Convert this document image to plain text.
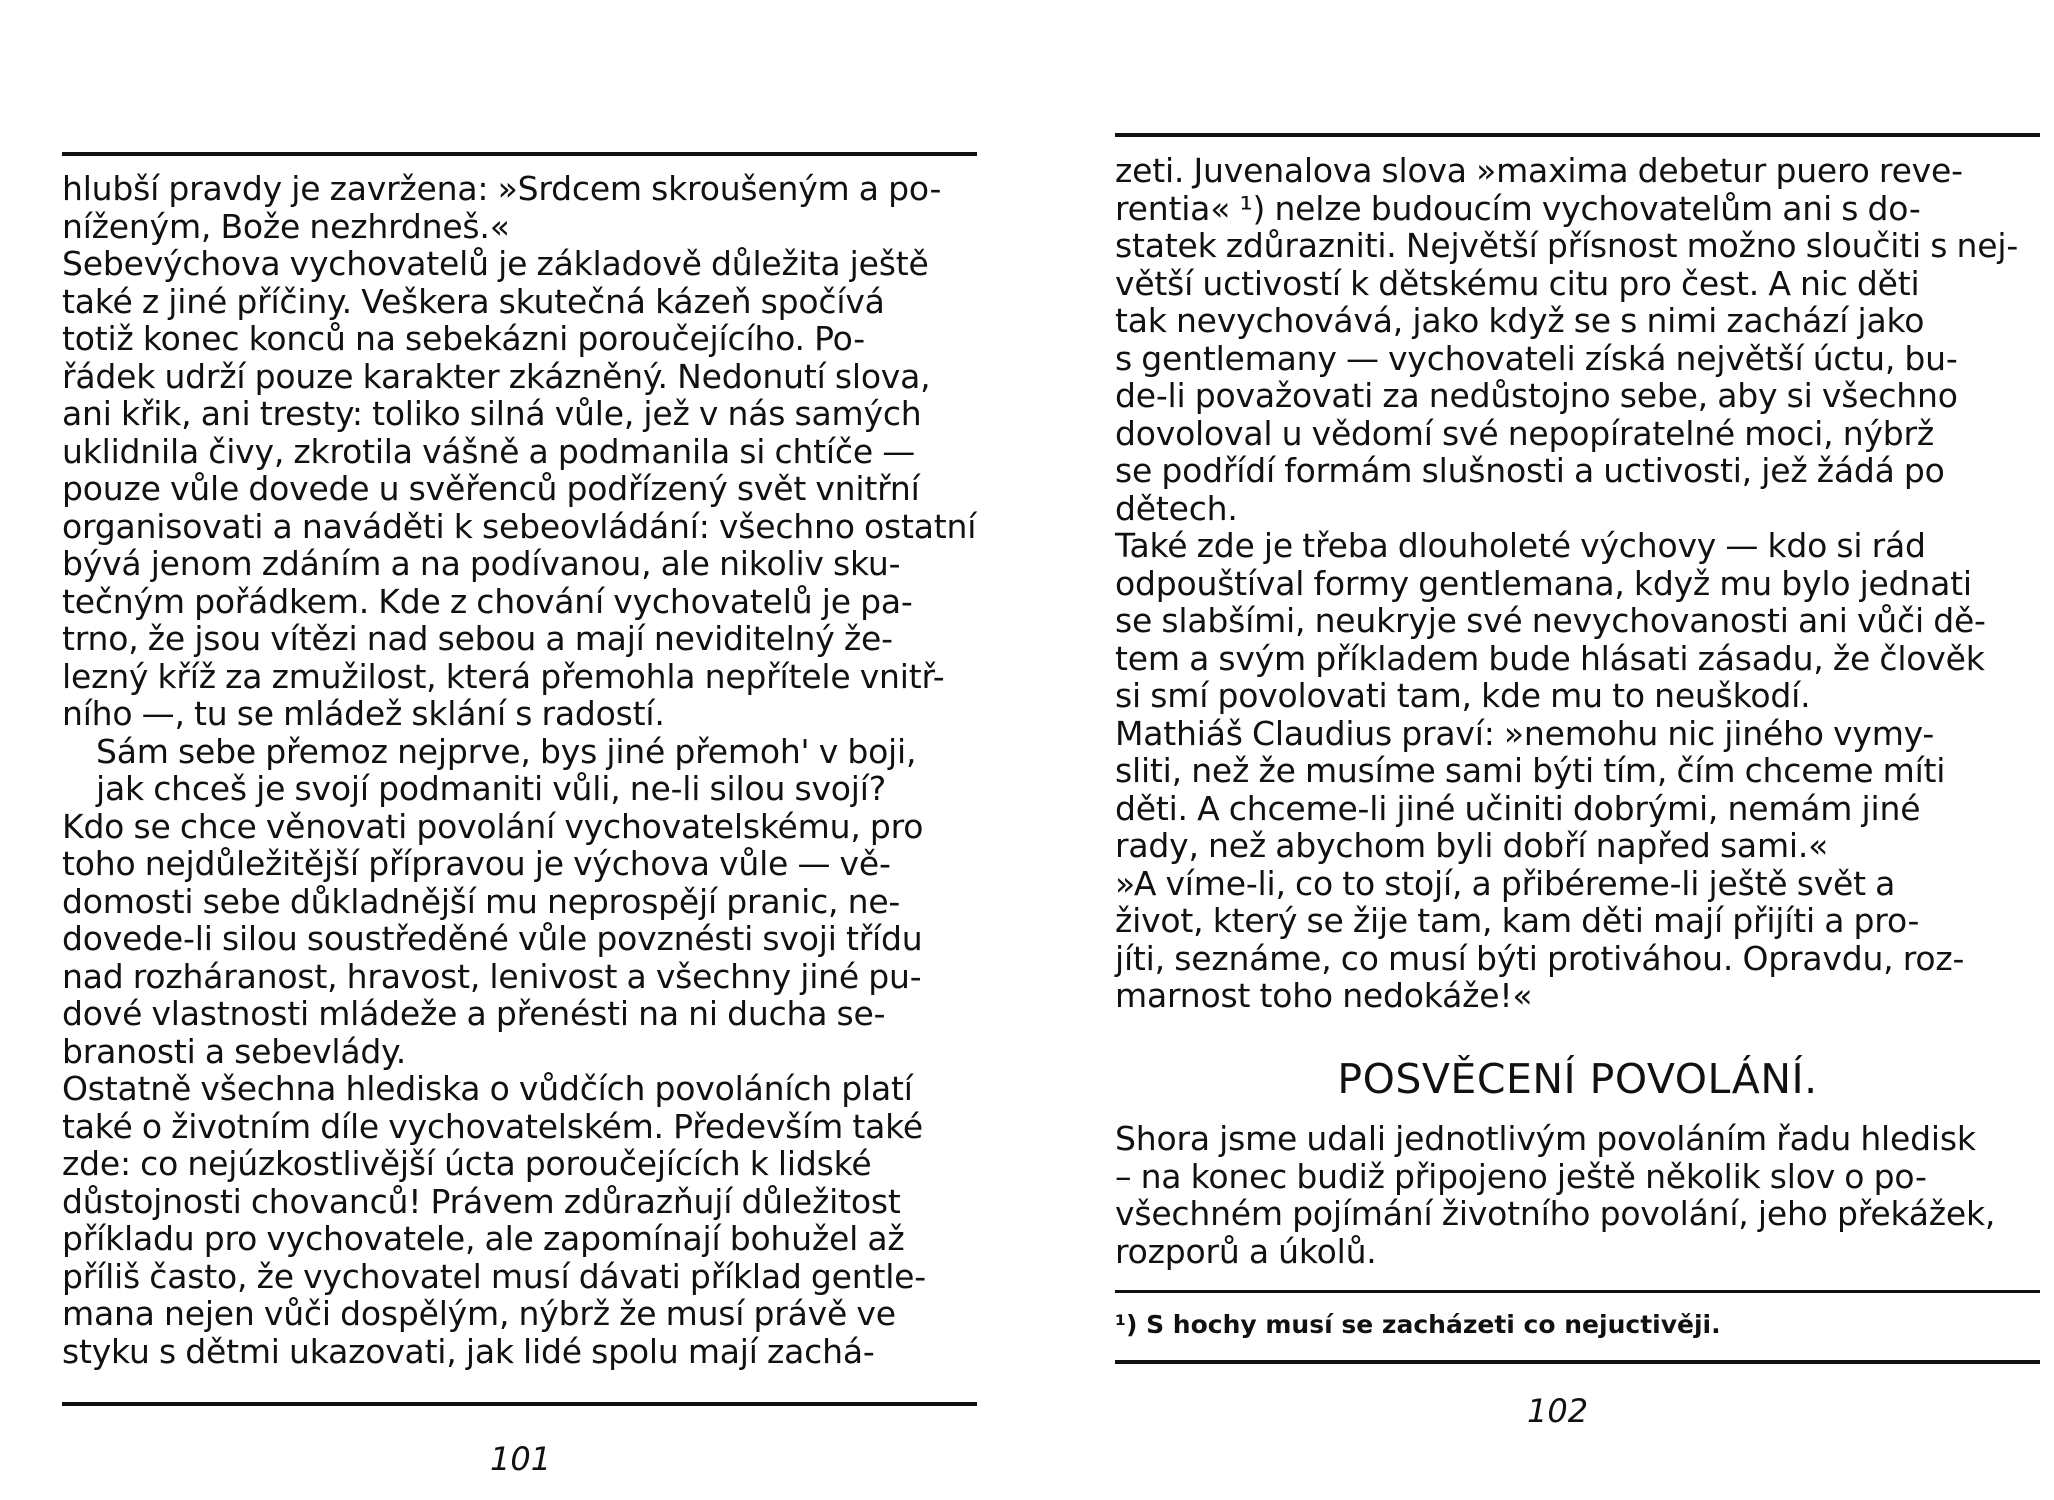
hlubší pravdy je zavržena: »Srdcem skroušeným a po-
níženým, Bože nezhrdneš.«

Sebevýchova vychovatelů je základově důležita ještě
také z jiné příčiny. Veškera skutečná kázeň spočívá
totiž konec konců na sebekázni poroučejícího. Po-
řádek udrží pouze karakter zkázněný. Nedonutí slova,
ani křik, ani tresty: toliko silná vůle, jež v nás samých
uklidnila čivy, zkrotila vášně a podmanila si chtíče —
pouze vůle dovede u svěřenců podřízený svět vnitřní
organisovati a naváděti k sebeovládání: všechno ostatní
bývá jenom zdáním a na podívanou, ale nikoliv sku-
tečným pořádkem. Kde z chování vychovatelů je pa-
trno, že jsou vítězi nad sebou a mají neviditelný že-
lezný kříž za zmužilost, která přemohla nepřítele vnitř-
ního —, tu se mládež sklání s radostí.

Sám sebe přemoz nejprve, bys jiné přemoh' v boji,
jak chceš je svojí podmaniti vůli, ne-li silou svojí?

Kdo se chce věnovati povolání vychovatelskému, pro
toho nejdůležitější přípravou je výchova vůle — vě-
domosti sebe důkladnější mu neprospějí pranic, ne-
dovede-li silou soustředěné vůle povznésti svoji třídu
nad rozháranost, hravost, lenivost a všechny jiné pu-
dové vlastnosti mládeže a přenésti na ni ducha se-
branosti a sebevlády.

Ostatně všechna hlediska o vůdčích povoláních platí
také o životním díle vychovatelském. Především také
zde: co nejúzkostlivější úcta poroučejících k lidské
důstojnosti chovanců! Právem zdůrazňují důležitost
příkladu pro vychovatele, ale zapomínají bohužel až
příliš často, že vychovatel musí dávati příklad gentle-
mana nejen vůči dospělým, nýbrž že musí právě ve
styku s dětmi ukazovati, jak lidé spolu mají zachá-

101

zeti. Juvenalova slova »maxima debetur puero reve-
rentia« ¹) nelze budoucím vychovatelům ani s do-
statek zdůrazniti. Největší přísnost možno sloučiti s nej-
větší uctivostí k dětskému citu pro čest. A nic děti
tak nevychovává, jako když se s nimi zachází jako
s gentlemany — vychovateli získá největší úctu, bu-
de-li považovati za nedůstojno sebe, aby si všechno
dovoloval u vědomí své nepopíratelné moci, nýbrž
se podřídí formám slušnosti a uctivosti, jež žádá po
dětech.

Také zde je třeba dlouholeté výchovy — kdo si rád
odpouštíval formy gentlemana, když mu bylo jednati
se slabšími, neukryje své nevychovanosti ani vůči dě-
tem a svým příkladem bude hlásati zásadu, že člověk
si smí povolovati tam, kde mu to neuškodí.

Mathiáš Claudius praví: »nemohu nic jiného vymy-
sliti, než že musíme sami býti tím, čím chceme míti
děti. A chceme-li jiné učiniti dobrými, nemám jiné
rady, než abychom byli dobří napřed sami.«

»A víme-li, co to stojí, a přibéreme-li ještě svět a
život, který se žije tam, kam děti mají přijíti a pro-
jíti, seznáme, co musí býti protiváhou. Opravdu, roz-
marnost toho nedokáže!«

POSVĚCENÍ POVOLÁNÍ.

Shora jsme udali jednotlivým povoláním řadu hledisk
– na konec budiž připojeno ještě několik slov o po-
všechném pojímání životního povolání, jeho překážek,
rozporů a úkolů.

¹) S hochy musí se zacházeti co nejuctivěji.

102
